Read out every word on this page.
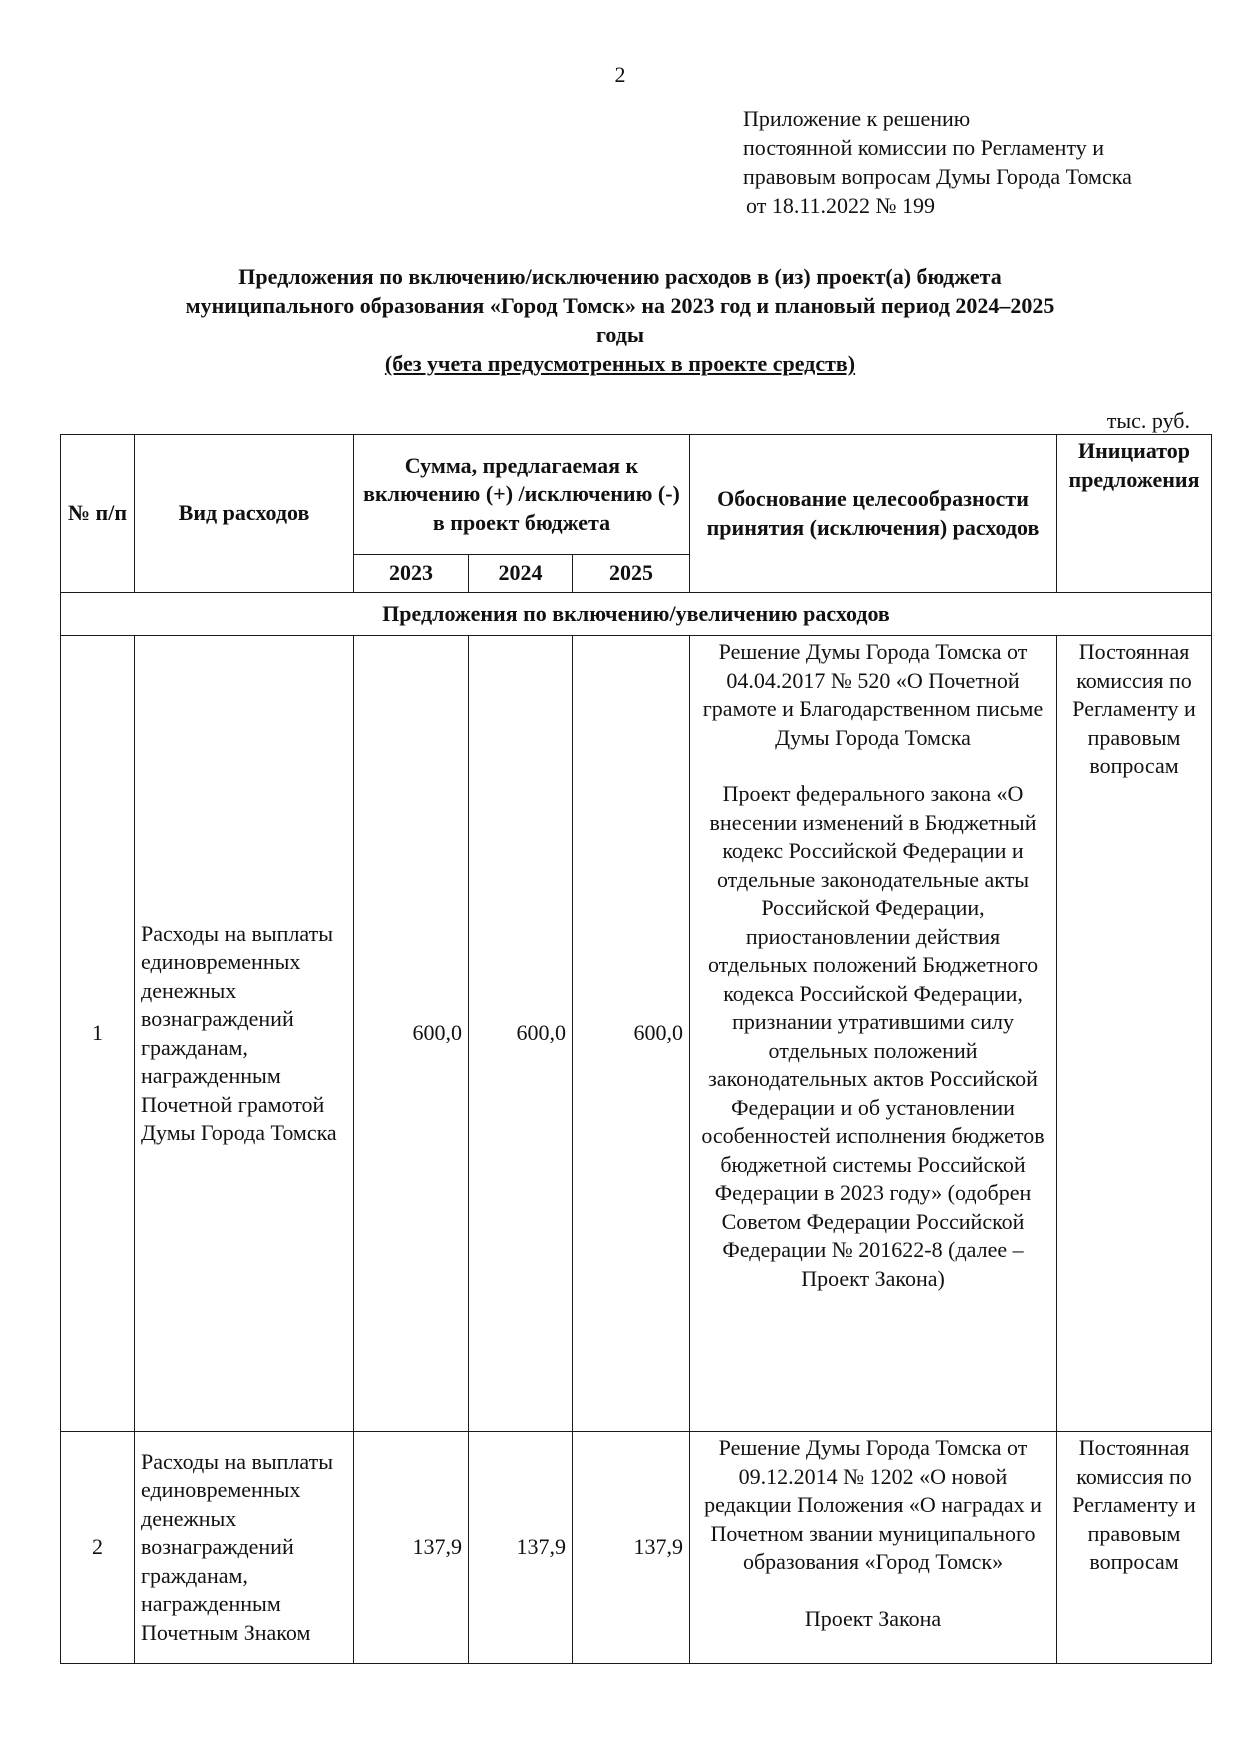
2
Приложение к решению
постоянной комиссии по Регламенту и
правовым вопросам Думы Города Томска
от 18.11.2022 № 199
Предложения по включению/исключению расходов в (из) проект(а) бюджета
муниципального образования «Город Томск» на 2023 год и плановый период 2024–2025
годы
(без учета предусмотренных в проекте средств)
тыс. руб.
№ п/п	Вид расходов	Сумма, предлагаемая к включению (+) /исключению (-) в проект бюджета			Обоснование целесообразности принятия (исключения) расходов	Инициатор предложения
		2023	2024	2025		
Предложения по включению/увеличению расходов						
1	Расходы на выплаты единовременных денежных вознаграждений гражданам, награжденным Почетной грамотой Думы Города Томска	600,0	600,0	600,0	Решение Думы Города Томска от 04.04.2017 № 520 «О Почетной грамоте и Благодарственном письме Думы Города Томска
Проект федерального закона «О внесении изменений в Бюджетный кодекс Российской Федерации и отдельные законодательные акты Российской Федерации, приостановлении действия отдельных положений Бюджетного кодекса Российской Федерации, признании утратившими силу отдельных положений законодательных актов Российской Федерации и об установлении особенностей исполнения бюджетов бюджетной системы Российской Федерации в 2023 году» (одобрен Советом Федерации Российской Федерации № 201622-8 (далее – Проект Закона)	Постоянная комиссия по Регламенту и правовым вопросам
2	Расходы на выплаты единовременных денежных вознаграждений гражданам, награжденным Почетным Знаком	137,9	137,9	137,9	Решение Думы Города Томска от 09.12.2014 № 1202 «О новой редакции Положения «О наградах и Почетном звании муниципального образования «Город Томск»
Проект Закона	Постоянная комиссия по Регламенту и правовым вопросам
